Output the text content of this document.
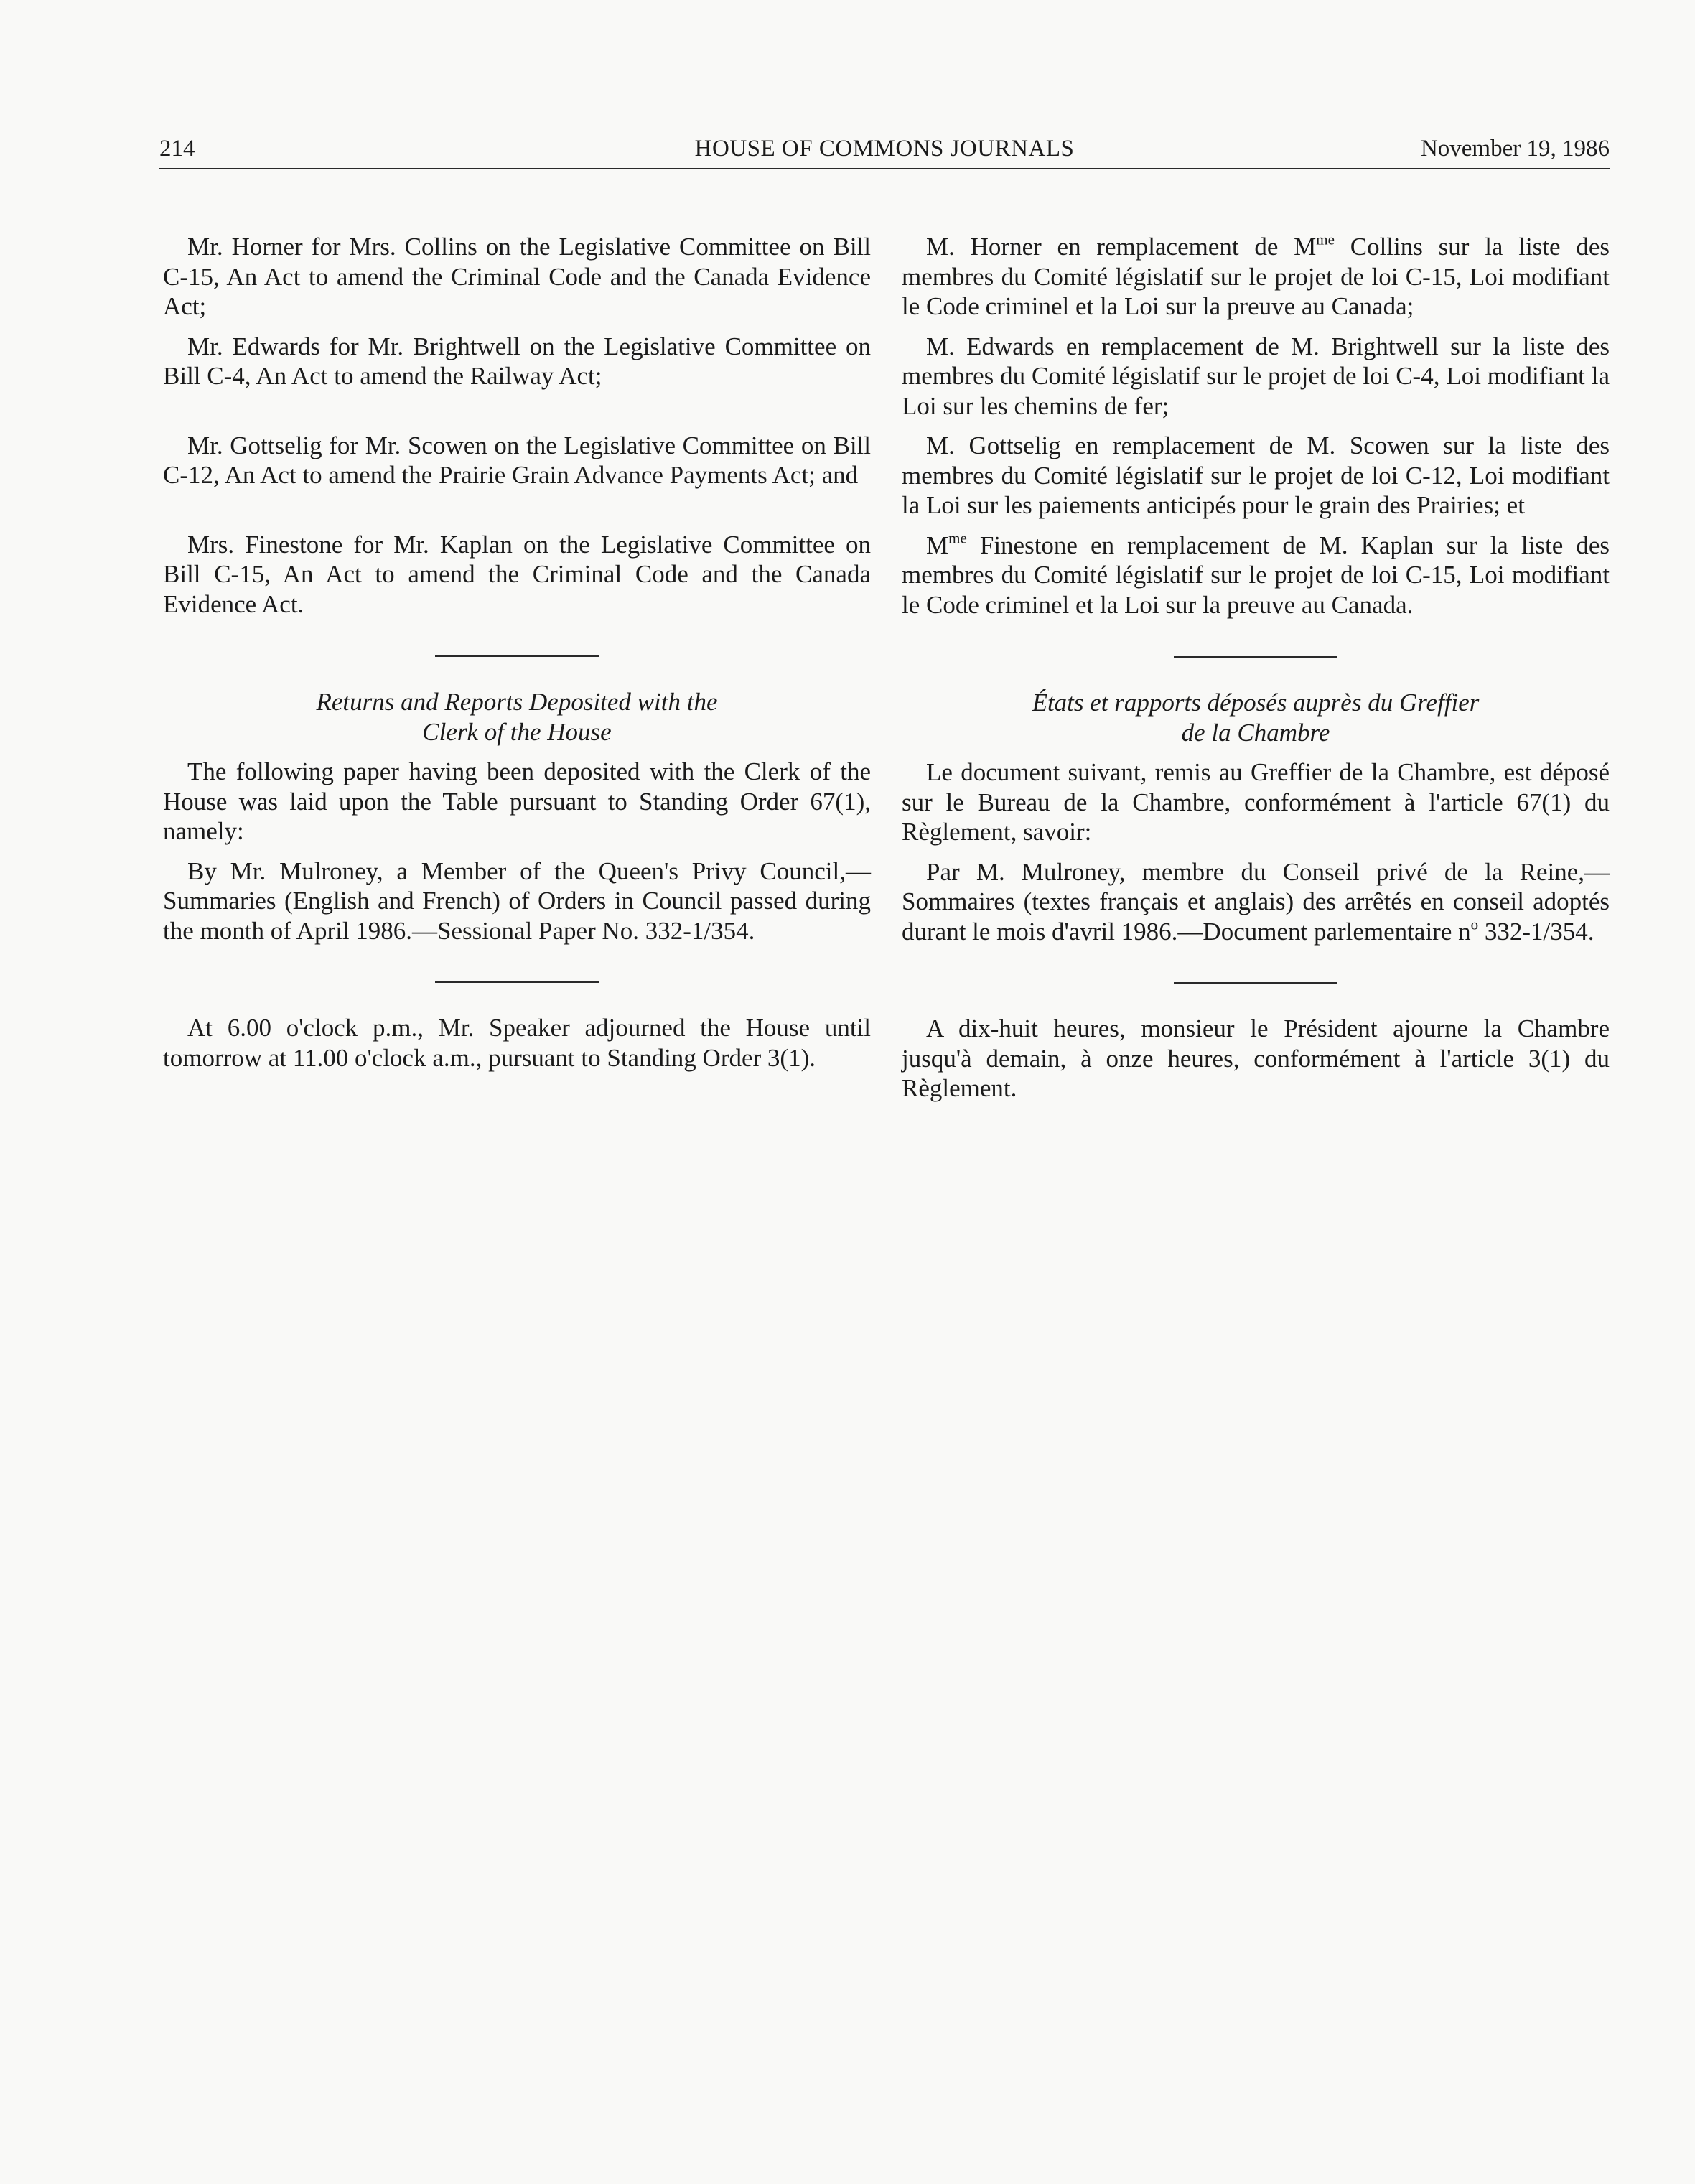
214	HOUSE OF COMMONS JOURNALS	November 19, 1986

Mr. Horner for Mrs. Collins on the Legislative Committee on Bill C-15, An Act to amend the Criminal Code and the Canada Evidence Act;

Mr. Edwards for Mr. Brightwell on the Legislative Committee on Bill C-4, An Act to amend the Railway Act;

Mr. Gottselig for Mr. Scowen on the Legislative Committee on Bill C-12, An Act to amend the Prairie Grain Advance Payments Act; and

Mrs. Finestone for Mr. Kaplan on the Legislative Committee on Bill C-15, An Act to amend the Criminal Code and the Canada Evidence Act.

Returns and Reports Deposited with the

Clerk of the House

The following paper having been deposited with the Clerk of the House was laid upon the Table pursuant to Standing Order 67(1), namely:

By Mr. Mulroney, a Member of the Queen's Privy Council,—Summaries (English and French) of Orders in Council passed during the month of April 1986.—Sessional Paper No. 332-1/354.

At 6.00 o'clock p.m., Mr. Speaker adjourned the House until tomorrow at 11.00 o'clock a.m., pursuant to Standing Order 3(1).

M. Horner en remplacement de $M^{me}$ Collins sur la liste des membres du Comité législatif sur le projet de loi C-15, Loi modifiant le Code criminel et la Loi sur la preuve au Canada;

M. Edwards en remplacement de M. Brightwell sur la liste des membres du Comité législatif sur le projet de loi C-4, Loi modifiant la Loi sur les chemins de fer;

M. Gottselig en remplacement de M. Scowen sur la liste des membres du Comité législatif sur le projet de loi C-12, Loi modifiant la Loi sur les paiements anticipés pour le grain des Prairies; et

$M^{me}$ Finestone en remplacement de M. Kaplan sur la liste des membres du Comité législatif sur le projet de loi C-15, Loi modifiant le Code criminel et la Loi sur la preuve au Canada.

États et rapports déposés auprès du Greffier

de la Chambre

Le document suivant, remis au Greffier de la Chambre, est déposé sur le Bureau de la Chambre, conformément à l'article 67(1) du Règlement, savoir:

Par M. Mulroney, membre du Conseil privé de la Reine,—Sommaires (textes français et anglais) des arrêtés en conseil adoptés durant le mois d'avril 1986.—Document parlementaire $n^o$ 332-1/354.

A dix-huit heures, monsieur le Président ajourne la Chambre jusqu'à demain, à onze heures, conformément à l'article 3(1) du Règlement.
